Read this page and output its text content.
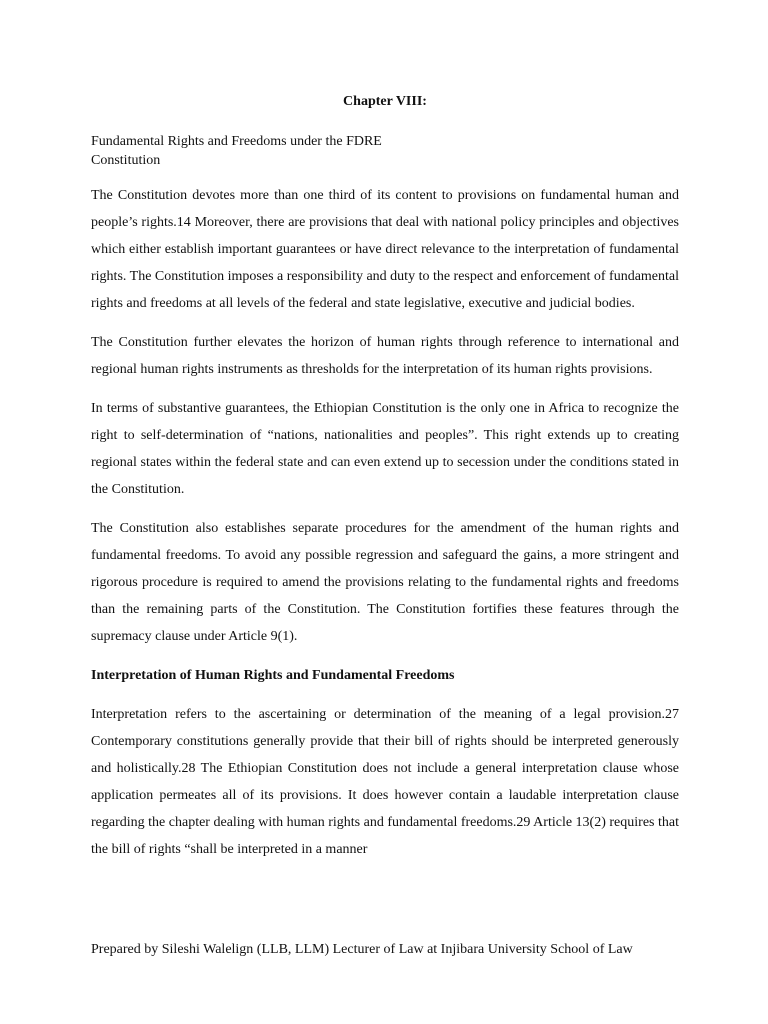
Chapter VIII:
Fundamental Rights and Freedoms under the FDRE
Constitution

The Constitution devotes more than one third of its content to provisions on fundamental human and people’s rights.14 Moreover, there are provisions that deal with national policy principles and objectives which either establish important guarantees or have direct relevance to the interpretation of fundamental rights. The Constitution imposes a responsibility and duty to the respect and enforcement of fundamental rights and freedoms at all levels of the federal and state legislative, executive and judicial bodies.

The Constitution further elevates the horizon of human rights through reference to international and regional human rights instruments as thresholds for the interpretation of its human rights provisions.

In terms of substantive guarantees, the Ethiopian Constitution is the only one in Africa to recognize the right to self-determination of “nations, nationalities and peoples”. This right extends up to creating regional states within the federal state and can even extend up to secession under the conditions stated in the Constitution.

The Constitution also establishes separate procedures for the amendment of the human rights and fundamental freedoms. To avoid any possible regression and safeguard the gains, a more stringent and rigorous procedure is required to amend the provisions relating to the fundamental rights and freedoms than the remaining parts of the Constitution. The Constitution fortifies these features through the supremacy clause under Article 9(1).

Interpretation of Human Rights and Fundamental Freedoms

Interpretation refers to the ascertaining or determination of the meaning of a legal provision.27 Contemporary constitutions generally provide that their bill of rights should be interpreted generously and holistically.28 The Ethiopian Constitution does not include a general interpretation clause whose application permeates all of its provisions. It does however contain a laudable interpretation clause regarding the chapter dealing with human rights and fundamental freedoms.29 Article 13(2) requires that the bill of rights “shall be interpreted in a manner

Prepared by Sileshi Walelign (LLB, LLM) Lecturer of Law at Injibara University School of Law
